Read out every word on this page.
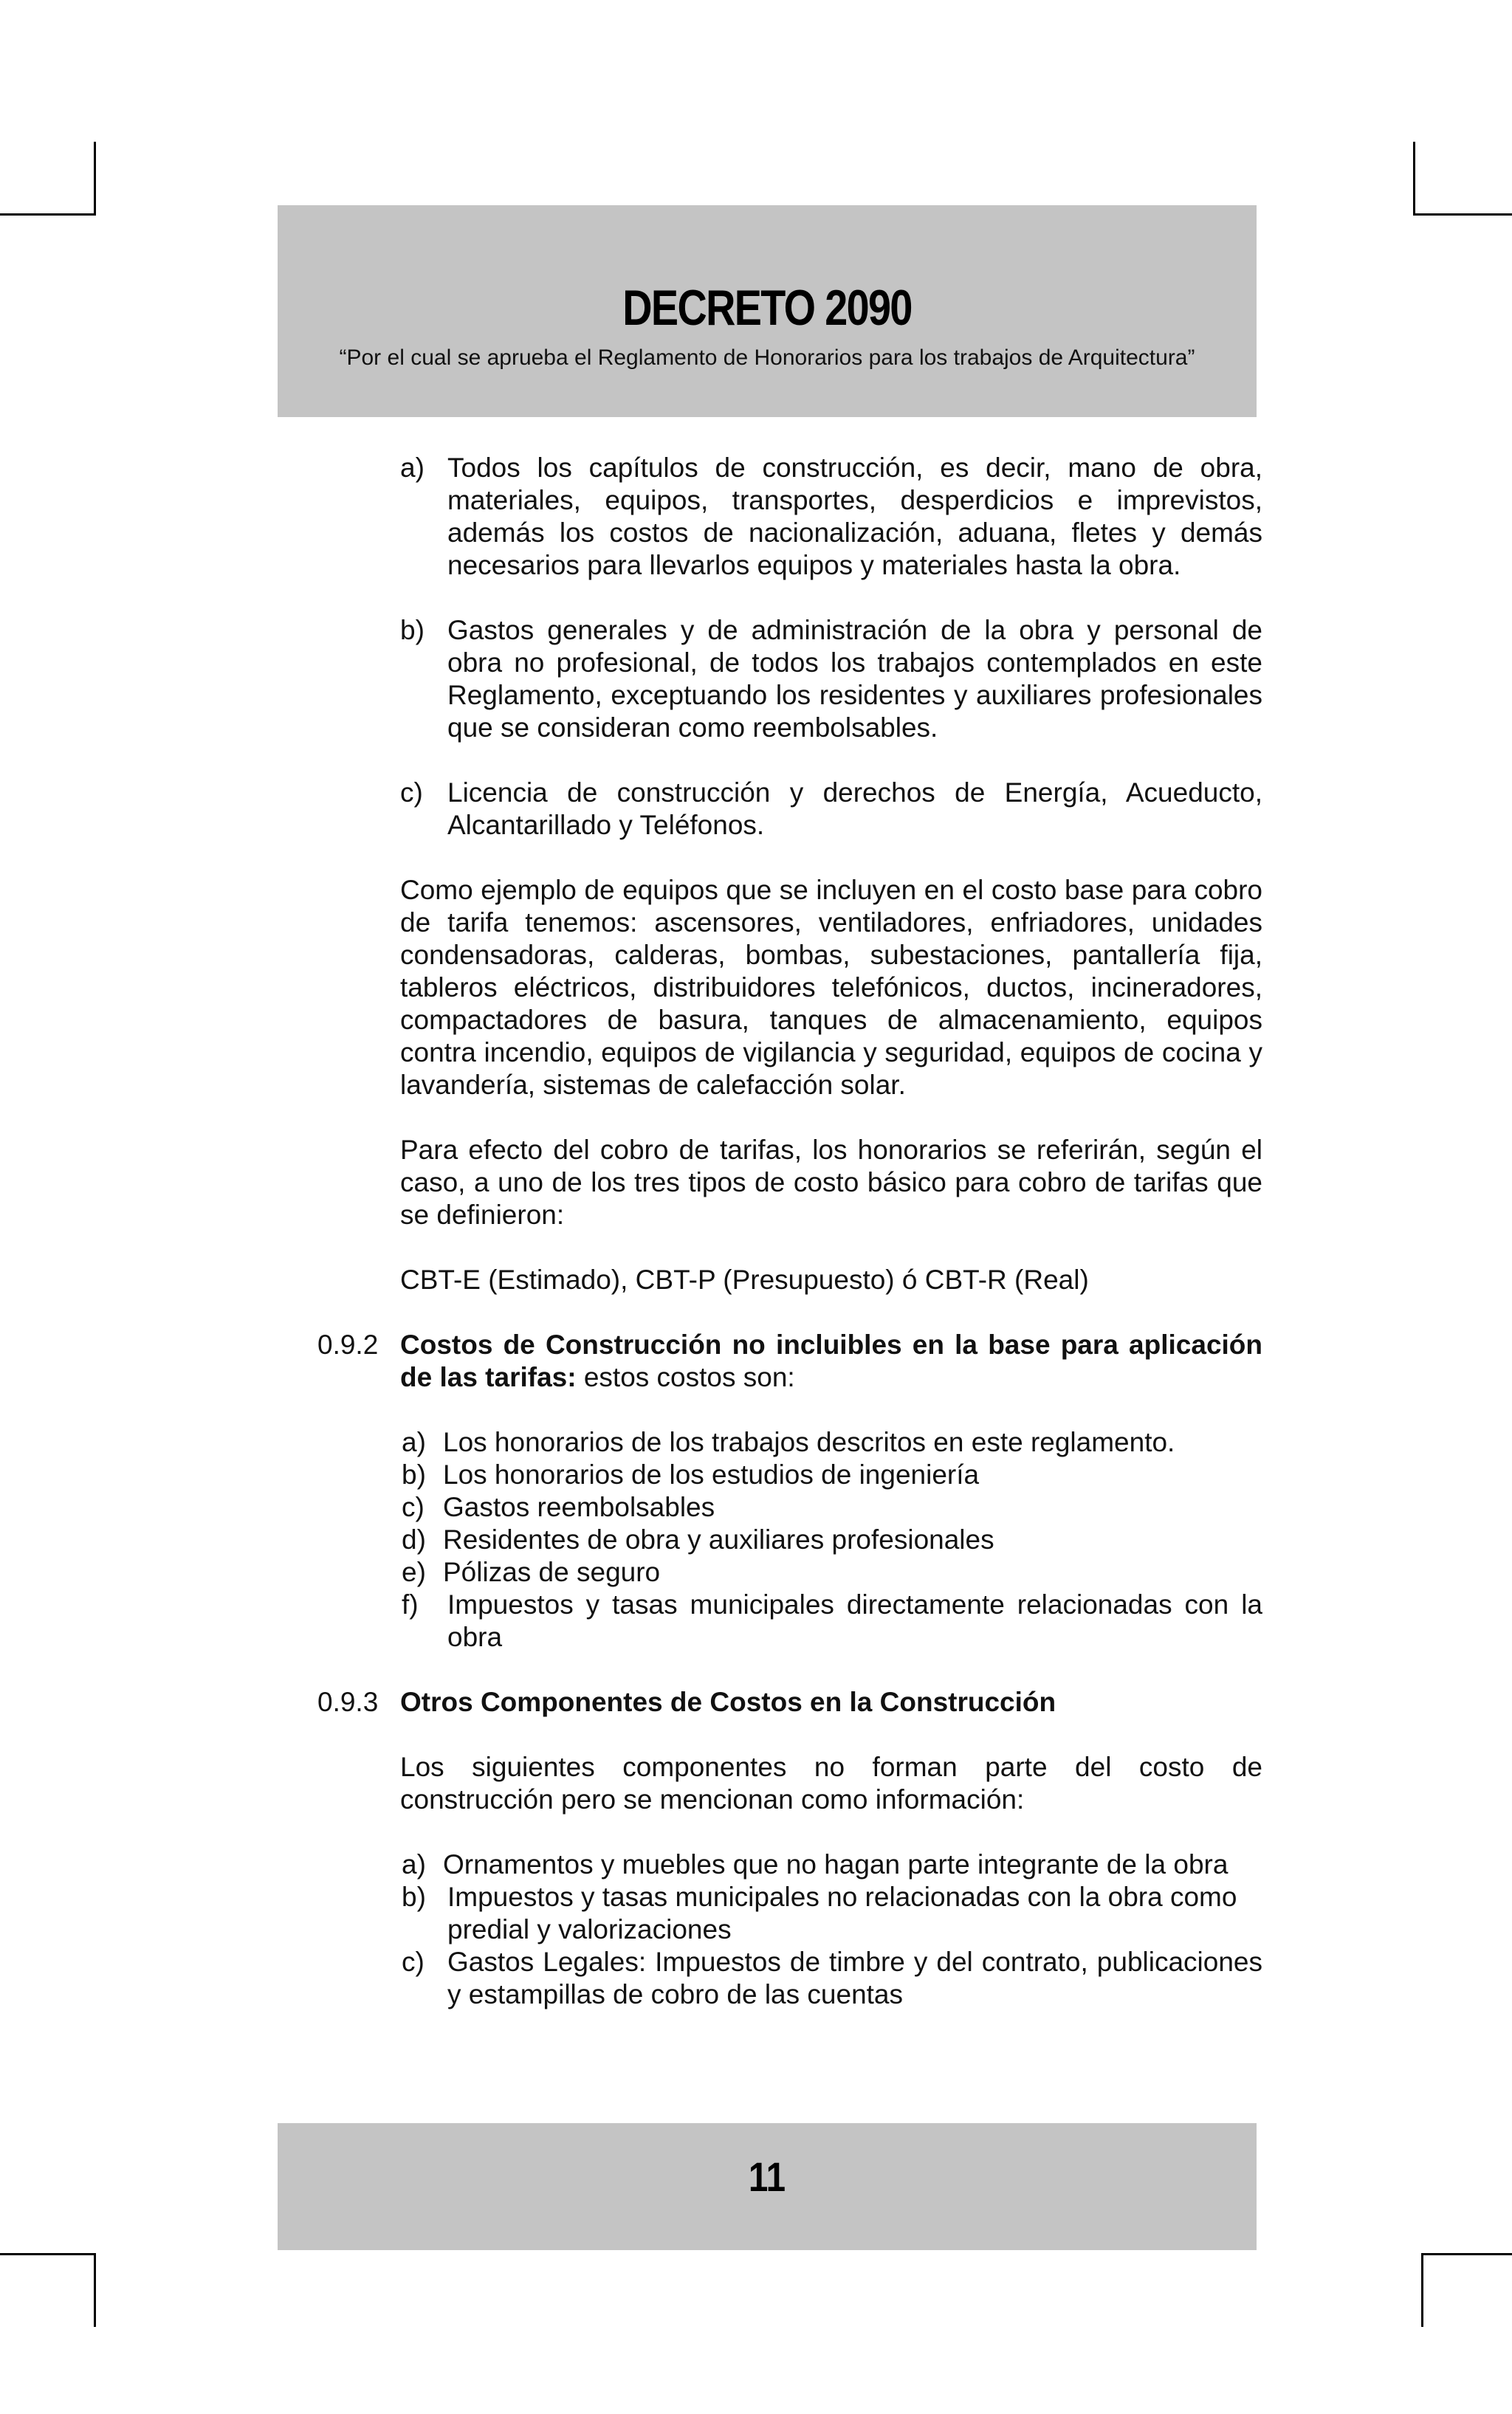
DECRETO 2090
“Por el cual se aprueba el Reglamento de Honorarios para los trabajos de Arquitectura”
a) Todos los capítulos de construcción, es decir, mano de obra, materiales, equipos, transportes, desperdicios e imprevistos, además los costos de nacionalización, aduana, fletes y demás necesarios para llevarlos equipos y materiales hasta la obra.
b) Gastos generales y de administración de la obra y personal de obra no profesional, de todos los trabajos contemplados en este Reglamento, exceptuando los residentes y auxiliares profesionales que se consideran como reembolsables.
c) Licencia de construcción y derechos de Energía, Acueducto, Alcantarillado y Teléfonos.
Como ejemplo de equipos que se incluyen en el costo base para cobro de tarifa tenemos: ascensores, ventiladores, enfriadores, unidades condensadoras, calderas, bombas, subestaciones, pantallería fija, tableros eléctricos, distribuidores telefónicos, ductos, incineradores, compactadores de basura, tanques de almacenamiento, equipos contra incendio, equipos de vigilancia y seguridad, equipos de cocina y lavandería, sistemas de calefacción solar.
Para efecto del cobro de tarifas, los honorarios se referirán, según el caso, a uno de los tres tipos de costo básico para cobro de tarifas que se definieron:
CBT-E (Estimado), CBT-P (Presupuesto) ó CBT-R (Real)
0.9.2 Costos de Construcción no incluibles en la base para aplicación de las tarifas: estos costos son:
a) Los honorarios de los trabajos descritos en este reglamento.
b) Los honorarios de los estudios de ingeniería
c) Gastos reembolsables
d) Residentes de obra y auxiliares profesionales
e) Pólizas de seguro
f) Impuestos y tasas municipales directamente relacionadas con la obra
0.9.3 Otros Componentes de Costos en la Construcción
Los siguientes componentes no forman parte del costo de construcción pero se mencionan como información:
a) Ornamentos y muebles que no hagan parte integrante de la obra
b) Impuestos y tasas municipales no relacionadas con la obra como predial y valorizaciones
c) Gastos Legales: Impuestos de timbre y del contrato, publicaciones y estampillas de cobro de las cuentas
11
